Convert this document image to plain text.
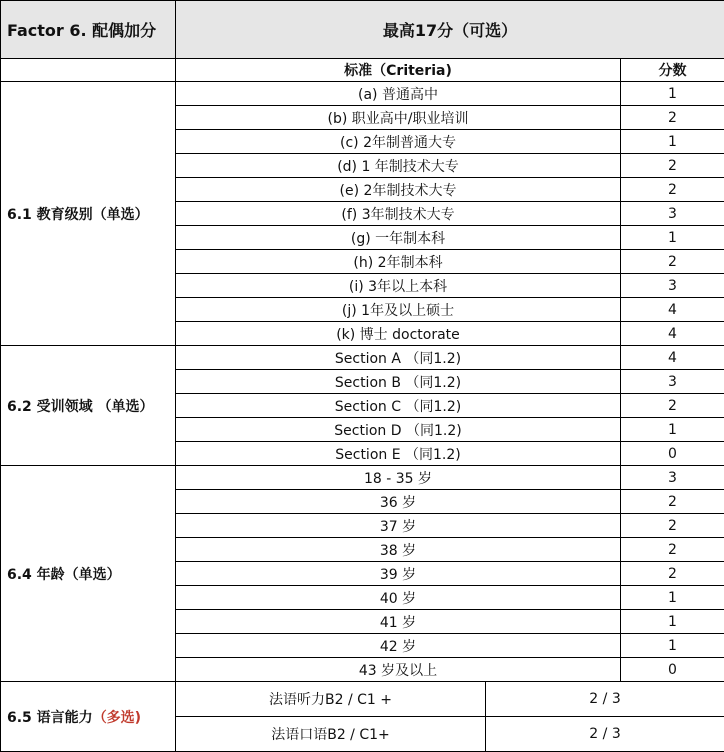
Factor 6. 配偶加分	最高17分（可选）		
	标准（Criteria)		分数
6.1 教育级别（单选）	(a) 普通高中		1
	(b) 职业高中/职业培训		2
	(c) 2年制普通大专		1
	(d) 1 年制技术大专		2
	(e) 2年制技术大专		2
	(f) 3年制技术大专		3
	(g) 一年制本科		1
	(h) 2年制本科		2
	(i) 3年以上本科		3
	(j) 1年及以上硕士		4
	(k) 博士 doctorate		4
6.2 受训领域 （单选）	Section A （同1.2)		4
	Section B （同1.2)		3
	Section C （同1.2)		2
	Section D （同1.2)		1
	Section E （同1.2)		0
6.4 年龄（单选）	18 - 35 岁		3
	36 岁		2
	37 岁		2
	38 岁		2
	39 岁		2
	40 岁		1
	41 岁		1
	42 岁		1
	43 岁及以上		0
6.5 语言能力（多选)	法语听力B2 / C1 +	2 / 3	
	法语口语B2 / C1+	2 / 3	
